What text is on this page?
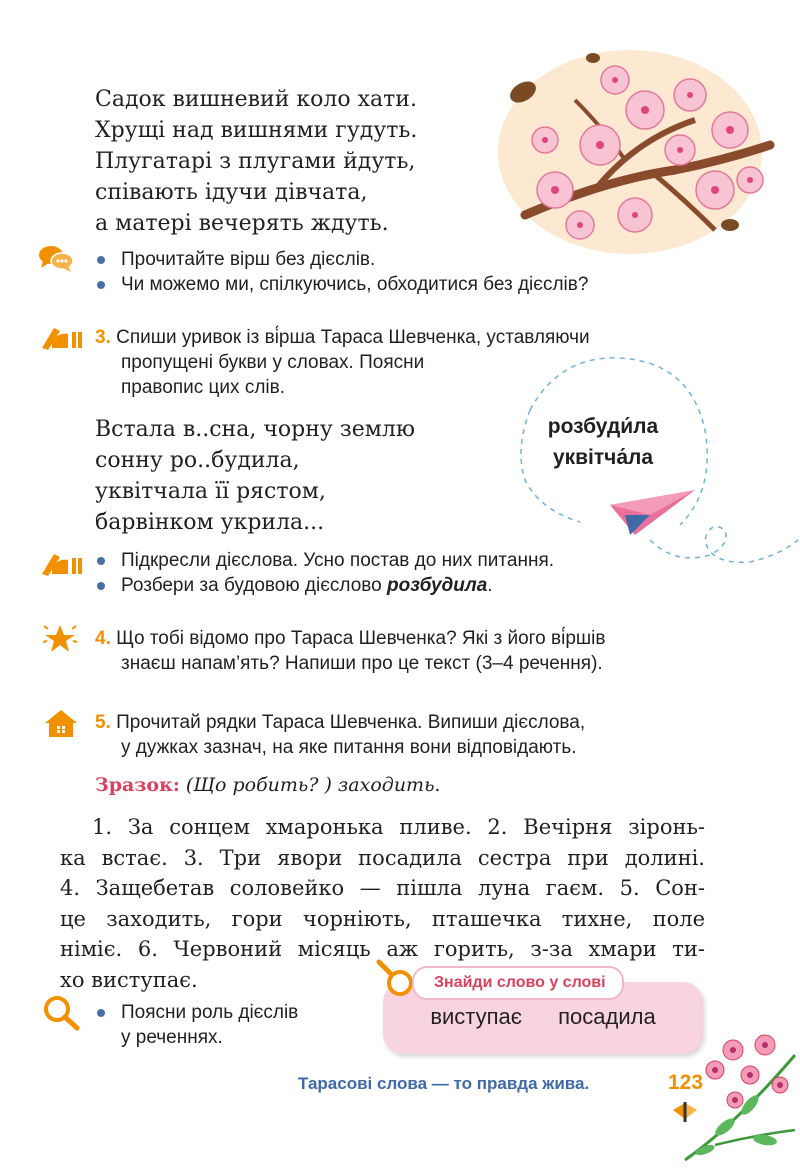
Садок вишневий коло хати.
Хрущі над вишнями гудуть.
Плугатарі з плугами йдуть,
співають ідучи дівчата,
а матері вечерять ждуть.
Прочитайте вірш без дієслів.
Чи можемо ми, спілкуючись, обходитися без дієслів?
3. Спиши уривок із ві́рша Тараса Шевченка, уставляючи
пропущені букви у словах. Поясни
правопис цих слів.
Встала в..сна, чорну землю
сонну ро..будила,
уквітчала її рястом,
барвінком укрила...
розбуди́ла
уквітча́ла
Підкресли дієслова. Усно постав до них питання.
Розбери за будовою дієслово розбудила.
4. Що тобі відомо про Тараса Шевченка? Які з його ві́ршів
знаєш напам’ять? Напиши про це текст (3–4 речення).
5. Прочитай рядки Тараса Шевченка. Випиши дієслова,
у дужках зазнач, на яке питання вони відповідають.
Зразок: (Що робить? ) заходить.
1. За сонцем хмаронька пливе. 2. Вечірня зіронь-
ка встає. 3. Три явори посадила сестра при долині.
4. Защебетав соловейко — пішла луна гаєм. 5. Сон-
це заходить, гори чорніють, пташечка тихне, поле
німіє. 6. Червоний місяць аж горить, з-за хмари ти-
хо виступає.
Поясни роль дієслів
у реченнях.
виступає посадила
Знайди слово у слові
Тарасові слова — то правда жива.	123
